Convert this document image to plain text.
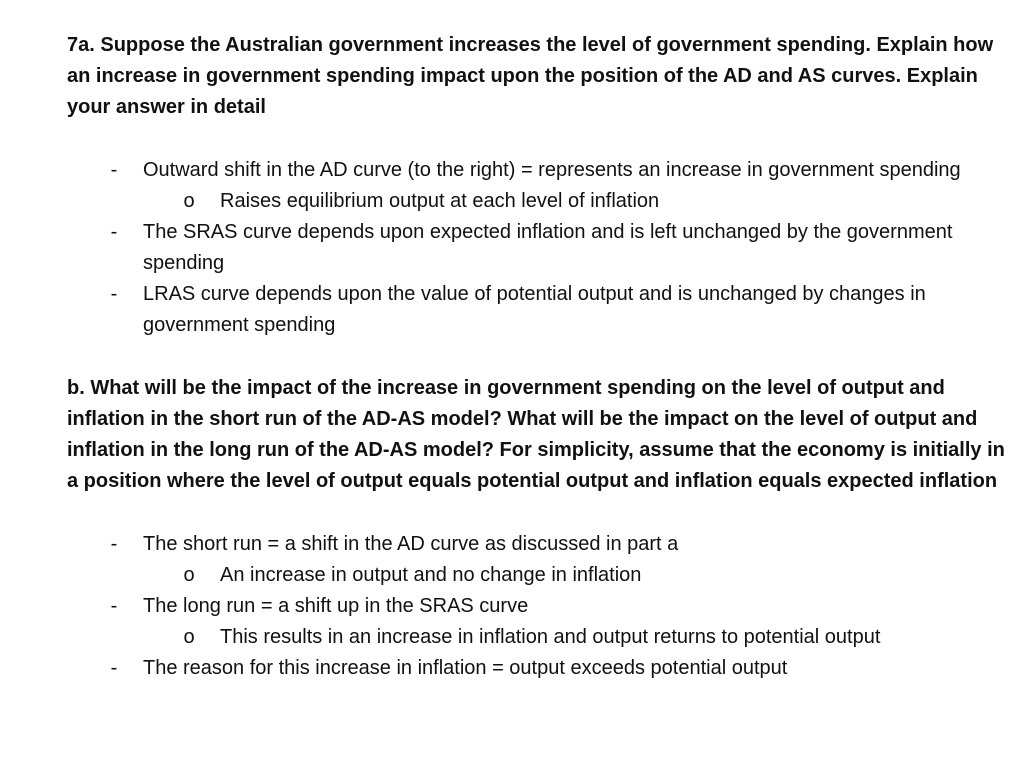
7a. Suppose the Australian government increases the level of government spending. Explain how an increase in government spending impact upon the position of the AD and AS curves. Explain your answer in detail

- Outward shift in the AD curve (to the right) = represents an increase in government spending
o Raises equilibrium output at each level of inflation
- The SRAS curve depends upon expected inflation and is left unchanged by the government spending
- LRAS curve depends upon the value of potential output and is unchanged by changes in government spending

b. What will be the impact of the increase in government spending on the level of output and inflation in the short run of the AD-AS model? What will be the impact on the level of output and inflation in the long run of the AD-AS model? For simplicity, assume that the economy is initially in a position where the level of output equals potential output and inflation equals expected inflation

- The short run = a shift in the AD curve as discussed in part a
o An increase in output and no change in inflation
- The long run = a shift up in the SRAS curve
o This results in an increase in inflation and output returns to potential output
- The reason for this increase in inflation = output exceeds potential output
